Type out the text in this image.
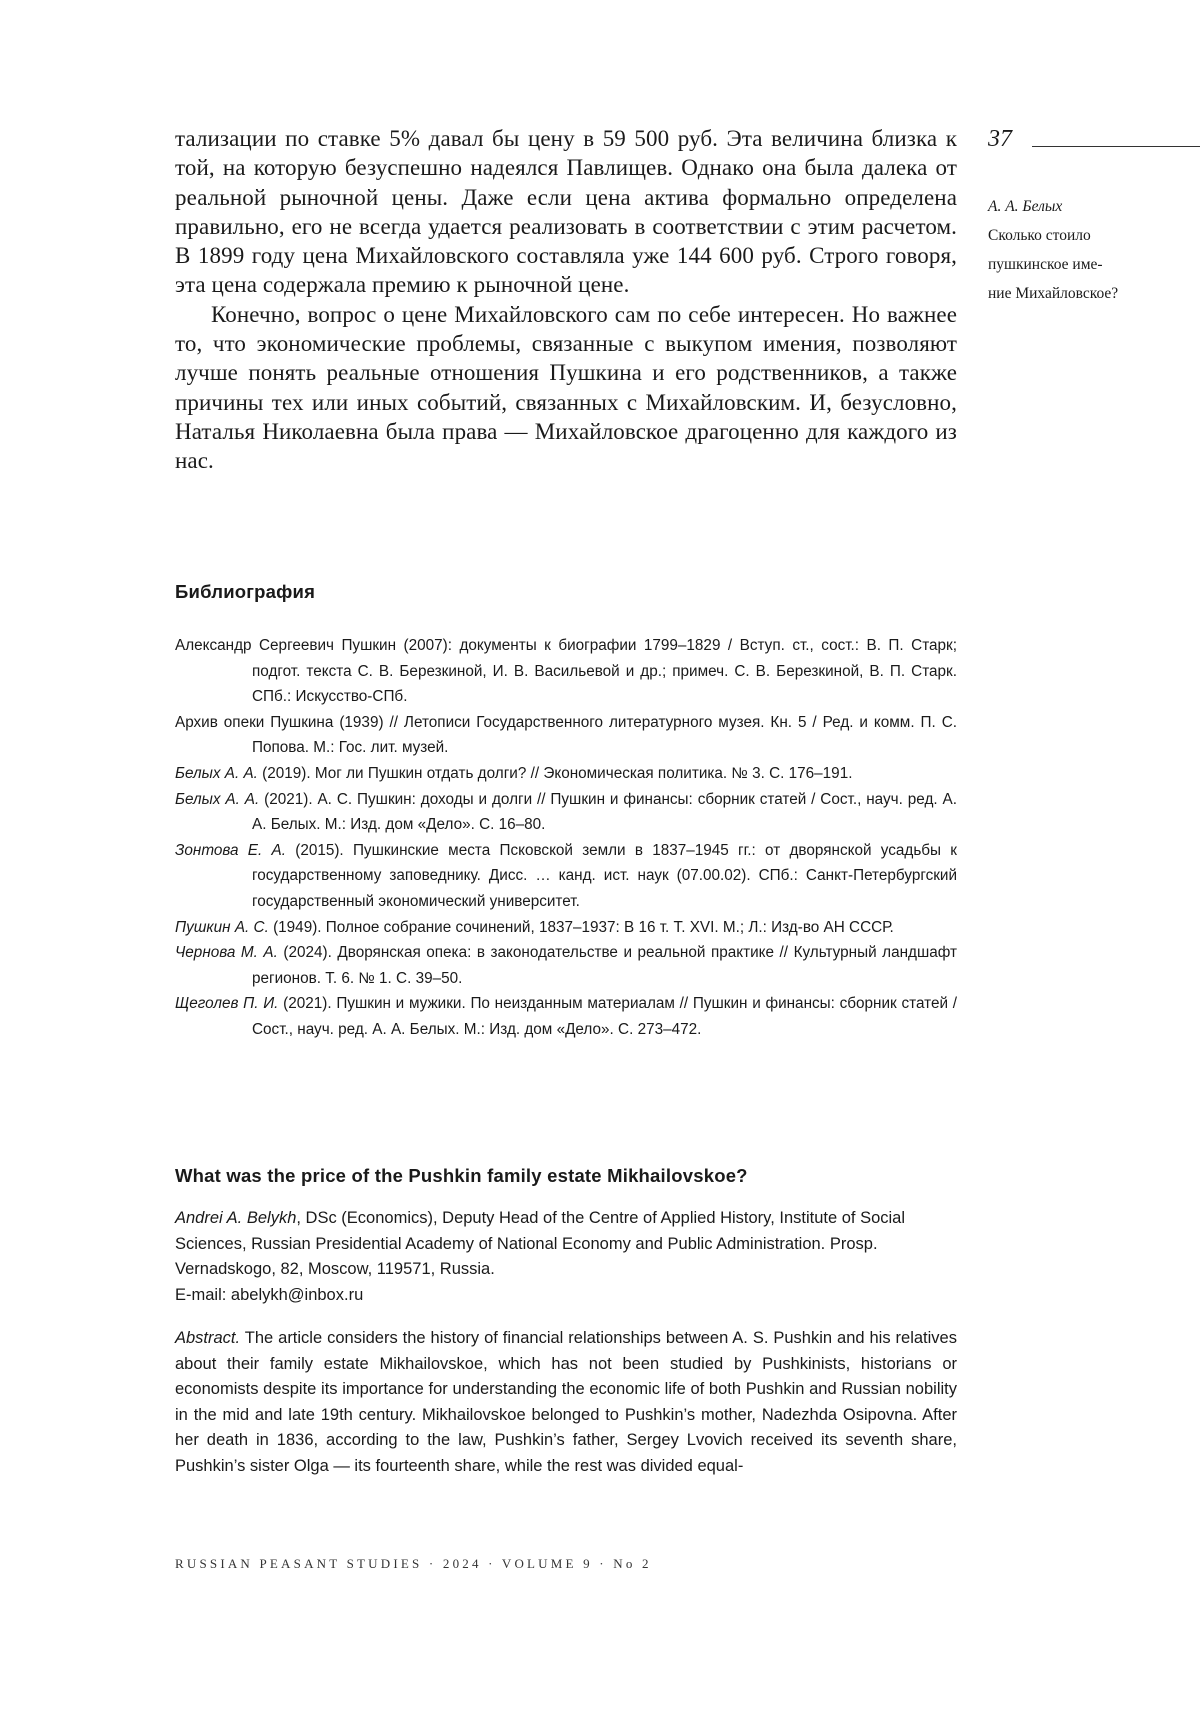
тализации по ставке 5% давал бы цену в 59 500 руб. Эта величина близка к той, на которую безуспешно надеялся Павлищев. Однако она была далека от реальной рыночной цены. Даже если цена актива формально определена правильно, его не всегда удается реализовать в соответствии с этим расчетом. В 1899 году цена Михайловского составляла уже 144 600 руб. Строго говоря, эта цена содержала премию к рыночной цене.

Конечно, вопрос о цене Михайловского сам по себе интересен. Но важнее то, что экономические проблемы, связанные с выкупом имения, позволяют лучше понять реальные отношения Пушкина и его родственников, а также причины тех или иных событий, связанных с Михайловским. И, безусловно, Наталья Николаевна была права — Михайловское драгоценно для каждого из нас.

37
А. А. Белых
Сколько стоило
пушкинское име-
ние Михайловское?
Библиография
Александр Сергеевич Пушкин (2007): документы к биографии 1799–1829 / Вступ. ст., сост.: В. П. Старк; подгот. текста С. В. Березкиной, И. В. Васильевой и др.; примеч. С. В. Березкиной, В. П. Старк. СПб.: Искусство-СПб.
Архив опеки Пушкина (1939) // Летописи Государственного литературного музея. Кн. 5 / Ред. и комм. П. С. Попова. М.: Гос. лит. музей.
Белых А. А. (2019). Мог ли Пушкин отдать долги? // Экономическая политика. № 3. С. 176–191.
Белых А. А. (2021). А. С. Пушкин: доходы и долги // Пушкин и финансы: сборник статей / Сост., науч. ред. А. А. Белых. М.: Изд. дом «Дело». С. 16–80.
Зонтова Е. А. (2015). Пушкинские места Псковской земли в 1837–1945 гг.: от дворянской усадьбы к государственному заповеднику. Дисс. … канд. ист. наук (07.00.02). СПб.: Санкт-Петербургский государственный экономический университет.
Пушкин А. С. (1949). Полное собрание сочинений, 1837–1937: В 16 т. Т. XVI. М.; Л.: Изд-во АН СССР.
Чернова М. А. (2024). Дворянская опека: в законодательстве и реальной практике // Культурный ландшафт регионов. Т. 6. № 1. С. 39–50.
Щеголев П. И. (2021). Пушкин и мужики. По неизданным материалам // Пушкин и финансы: сборник статей / Сост., науч. ред. А. А. Белых. М.: Изд. дом «Дело». С. 273–472.
What was the price of the Pushkin family estate Mikhailovskoe?
Andrei A. Belykh, DSc (Economics), Deputy Head of the Centre of Applied History, Institute of Social Sciences, Russian Presidential Academy of National Economy and Public Administration. Prosp. Vernadskogo, 82, Moscow, 119571, Russia.
E-mail: abelykh@inbox.ru
Abstract. The article considers the history of financial relationships between A. S. Pushkin and his relatives about their family estate Mikhailovskoe, which has not been studied by Pushkinists, historians or economists despite its importance for understanding the economic life of both Pushkin and Russian nobility in the mid and late 19th century. Mikhailovskoe belonged to Pushkin’s mother, Nadezhda Osipovna. After her death in 1836, according to the law, Pushkin’s father, Sergey Lvovich received its seventh share, Pushkin’s sister Olga — its fourteenth share, while the rest was divided equal-
RUSSIAN PEASANT STUDIES · 2024 · VOLUME 9 · No 2
